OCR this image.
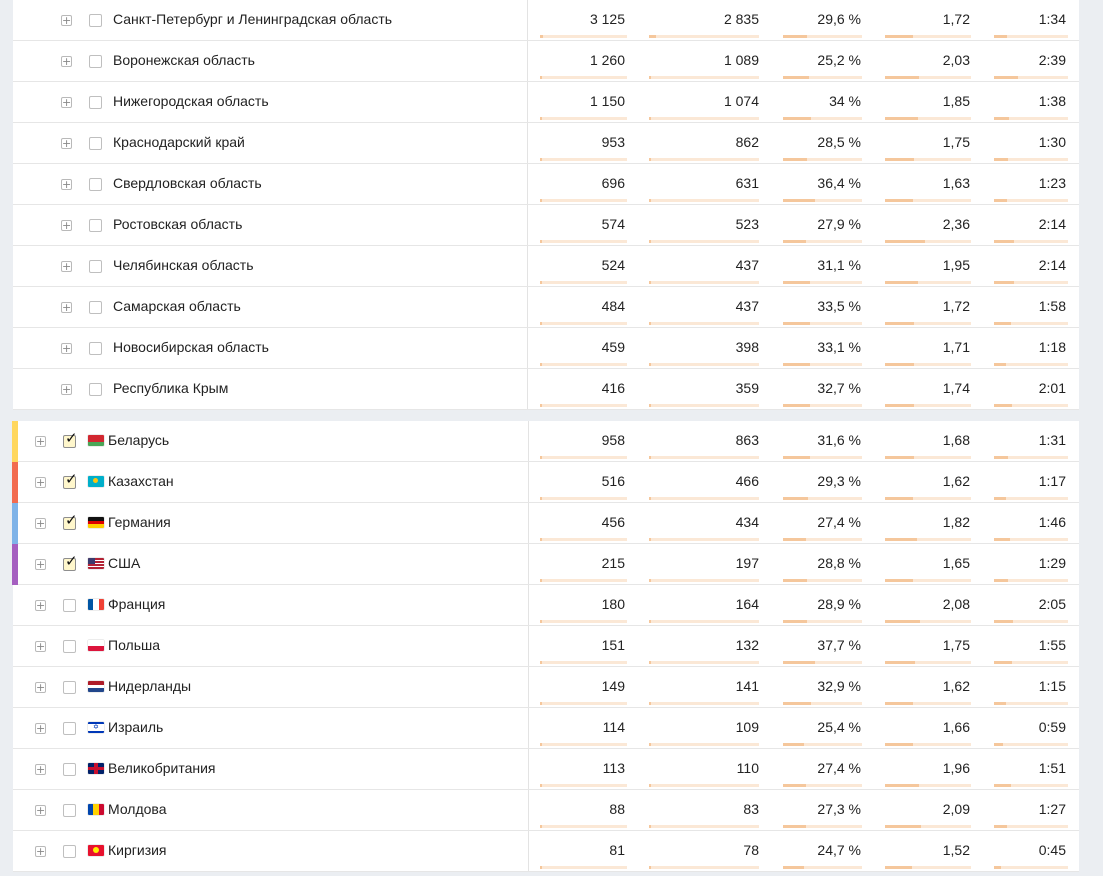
+	Санкт-Петербург и Ленинградская область	3 125	2 835	29,6 %	1,72	1:34
+	Воронежская область	1 260	1 089	25,2 %	2,03	2:39
+	Нижегородская область	1 150	1 074	34 %	1,85	1:38
+	Краснодарский край	953	862	28,5 %	1,75	1:30
+	Свердловская область	696	631	36,4 %	1,63	1:23
+	Ростовская область	574	523	27,9 %	2,36	2:14
+	Челябинская область	524	437	31,1 %	1,95	2:14
+	Самарская область	484	437	33,5 %	1,72	1:58
+	Новосибирская область	459	398	33,1 %	1,71	1:18
+	Республика Крым	416	359	32,7 %	1,74	2:01
+ ✓ Беларусь	958	863	31,6 %	1,68	1:31
+ ✓ Казахстан	516	466	29,3 %	1,62	1:17
+ ✓ Германия	456	434	27,4 %	1,82	1:46
+ ✓ США	215	197	28,8 %	1,65	1:29
+	Франция	180	164	28,9 %	2,08	2:05
+	Польша	151	132	37,7 %	1,75	1:55
+	Нидерланды	149	141	32,9 %	1,62	1:15
+	✡ Израиль	114	109	25,4 %	1,66	0:59
+	Великобритания	113	110	27,4 %	1,96	1:51
+	Молдова	88	83	27,3 %	2,09	1:27
+	Киргизия	81	78	24,7 %	1,52	0:45
